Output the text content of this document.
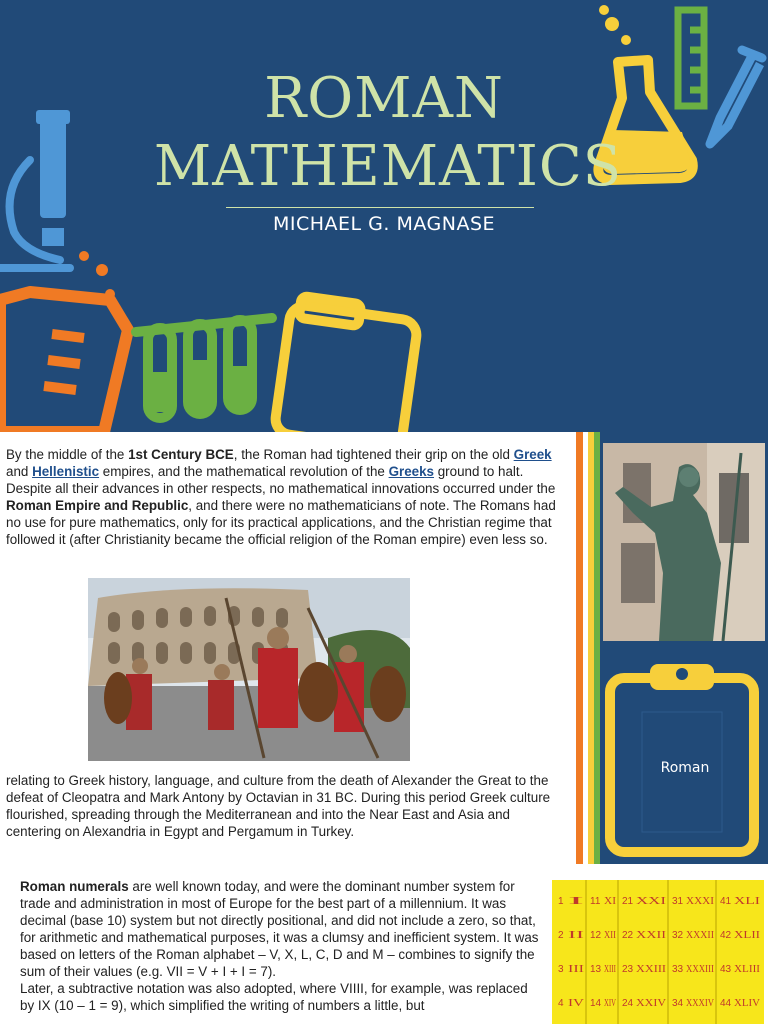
ROMAN
MATHEMATICS
MICHAEL G. MAGNASE

By the middle of the 1st Century BCE, the Roman had tightened their grip on the old Greek and Hellenistic empires, and the mathematical revolution of the Greeks ground to halt. Despite all their advances in other respects, no mathematical innovations occurred under the Roman Empire and Republic, and there were no mathematicians of note. The Romans had no use for pure mathematics, only for its practical applications, and the Christian regime that followed it (after Christianity became the official religion of the Roman empire) even less so.

relating to Greek history, language, and culture from the death of Alexander the Great to the defeat of Cleopatra and Mark Antony by Octavian in 31 BC. During this period Greek culture flourished, spreading through the Mediterranean and into the Near East and Asia and centering on Alexandria in Egypt and Pergamum in Turkey.

Roman numerals are well known today, and were the dominant number system for trade and administration in most of Europe for the best part of a millennium. It was decimal (base 10) system but not directly positional, and did not include a zero, so that, for arithmetic and mathematical purposes, it was a clumsy and inefficient system. It was based on letters of the Roman alphabet – V, X, L, C, D and M – combines to signify the sum of their values (e.g. VII = V + I + I = 7).
Later, a subtractive notation was also adopted, where VIIII, for example, was replaced by IX (10 – 1 = 9), which simplified the writing of numbers a little, but

Roman
1 I 11 XI 21 XXI 31 XXXI 41 XLI
2 II 12 XII 22 XXII 32 XXXII 42 XLII
3 III 13 XIII 23 XXIII 33 XXXIII 43 XLIII
4 IV 14 XIV 24 XXIV 34 XXXIV 44 XLIV
